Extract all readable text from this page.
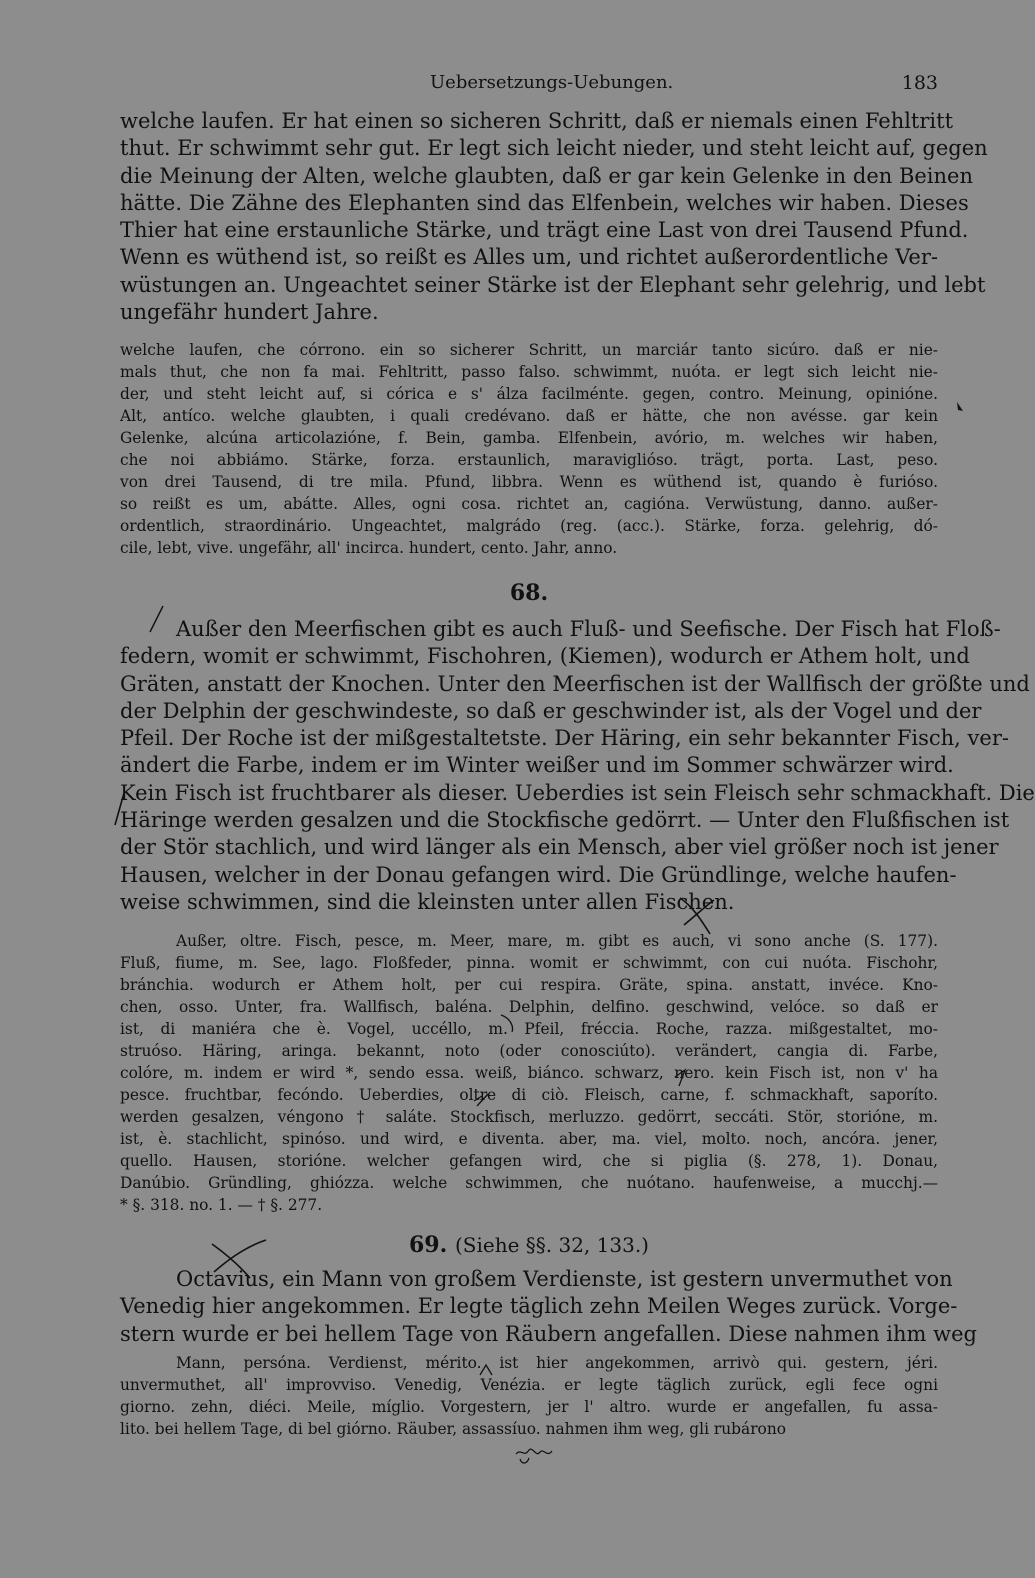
Uebersetzungs-Uebungen.	183
welche laufen. Er hat einen so sicheren Schritt, daß er niemals einen Fehltritt
thut. Er schwimmt sehr gut. Er legt sich leicht nieder, und steht leicht auf, gegen
die Meinung der Alten, welche glaubten, daß er gar kein Gelenke in den Beinen
hätte. Die Zähne des Elephanten sind das Elfenbein, welches wir haben. Dieses
Thier hat eine erstaunliche Stärke, und trägt eine Last von drei Tausend Pfund.
Wenn es wüthend ist, so reißt es Alles um, und richtet außerordentliche Ver-
wüstungen an. Ungeachtet seiner Stärke ist der Elephant sehr gelehrig, und lebt
ungefähr hundert Jahre.
welche laufen, che córrono. ein so sicherer Schritt, un marciár tanto sicúro. daß er nie-
mals thut, che non fa mai. Fehltritt, passo falso. schwimmt, nuóta. er legt sich leicht nie-
der, und steht leicht auf, si córica e s' álza facilménte. gegen, contro. Meinung, opinióne.
Alt, antíco. welche glaubten, i quali credévano. daß er hätte, che non avésse. gar kein
Gelenke, alcúna articolazióne, f. Bein, gamba. Elfenbein, avório, m. welches wir haben,
che noi abbiámo. Stärke, forza. erstaunlich, maraviglióso. trägt, porta. Last, peso.
von drei Tausend, di tre mila. Pfund, libbra. Wenn es wüthend ist, quando è furióso.
so reißt es um, abátte. Alles, ogni cosa. richtet an, cagióna. Verwüstung, danno. außer-
ordentlich, straordinário. Ungeachtet, malgrádo (reg. (acc.). Stärke, forza. gelehrig, dó-
cile, lebt, vive. ungefähr, all' incirca. hundert, cento. Jahr, anno.
68.
Außer den Meerfischen gibt es auch Fluß- und Seefische. Der Fisch hat Floß-
federn, womit er schwimmt, Fischohren, (Kiemen), wodurch er Athem holt, und
Gräten, anstatt der Knochen. Unter den Meerfischen ist der Wallfisch der größte und
der Delphin der geschwindeste, so daß er geschwinder ist, als der Vogel und der
Pfeil. Der Roche ist der mißgestaltetste. Der Häring, ein sehr bekannter Fisch, ver-
ändert die Farbe, indem er im Winter weißer und im Sommer schwärzer wird.
Kein Fisch ist fruchtbarer als dieser. Ueberdies ist sein Fleisch sehr schmackhaft. Die
Häringe werden gesalzen und die Stockfische gedörrt. — Unter den Flußfischen ist
der Stör stachlich, und wird länger als ein Mensch, aber viel größer noch ist jener
Hausen, welcher in der Donau gefangen wird. Die Gründlinge, welche haufen-
weise schwimmen, sind die kleinsten unter allen Fischen.
Außer, oltre. Fisch, pesce, m. Meer, mare, m. gibt es auch, vi sono anche (S. 177).
Fluß, fiume, m. See, lago. Floßfeder, pinna. womit er schwimmt, con cui nuóta. Fischohr,
bránchia. wodurch er Athem holt, per cui respira. Gräte, spina. anstatt, invéce. Kno-
chen, osso. Unter, fra. Wallfisch, baléna. Delphin, delfino. geschwind, velóce. so daß er
ist, di maniéra che è. Vogel, uccéllo, m. Pfeil, fréccia. Roche, razza. mißgestaltet, mo-
struóso. Häring, aringa. bekannt, noto (oder conosciúto). verändert, cangia di. Farbe,
colóre, m. indem er wird *, sendo essa. weiß, biánco. schwarz, nero. kein Fisch ist, non v' ha
pesce. fruchtbar, fecóndo. Ueberdies, oltre di ciò. Fleisch, carne, f. schmackhaft, saporíto.
werden gesalzen, véngono † saláte. Stockfisch, merluzzo. gedörrt, seccáti. Stör, storióne, m.
ist, è. stachlicht, spinóso. und wird, e diventa. aber, ma. viel, molto. noch, ancóra. jener,
quello. Hausen, storióne. welcher gefangen wird, che si piglia (§. 278, 1). Donau,
Danúbio. Gründling, ghiózza. welche schwimmen, che nuótano. haufenweise, a mucchj.—
* §. 318. no. 1. — † §. 277.
69. (Siehe §§. 32, 133.)
Octavius, ein Mann von großem Verdienste, ist gestern unvermuthet von
Venedig hier angekommen. Er legte täglich zehn Meilen Weges zurück. Vorge-
stern wurde er bei hellem Tage von Räubern angefallen. Diese nahmen ihm weg
Mann, persóna. Verdienst, mérito. ist hier angekommen, arrivò qui. gestern, jéri.
unvermuthet, all' improvviso. Venedig, Venézia. er legte täglich zurück, egli fece ogni
giorno. zehn, diéci. Meile, míglio. Vorgestern, jer l' altro. wurde er angefallen, fu assa-
lito. bei hellem Tage, di bel giórno. Räuber, assassíuo. nahmen ihm weg, gli rubárono
